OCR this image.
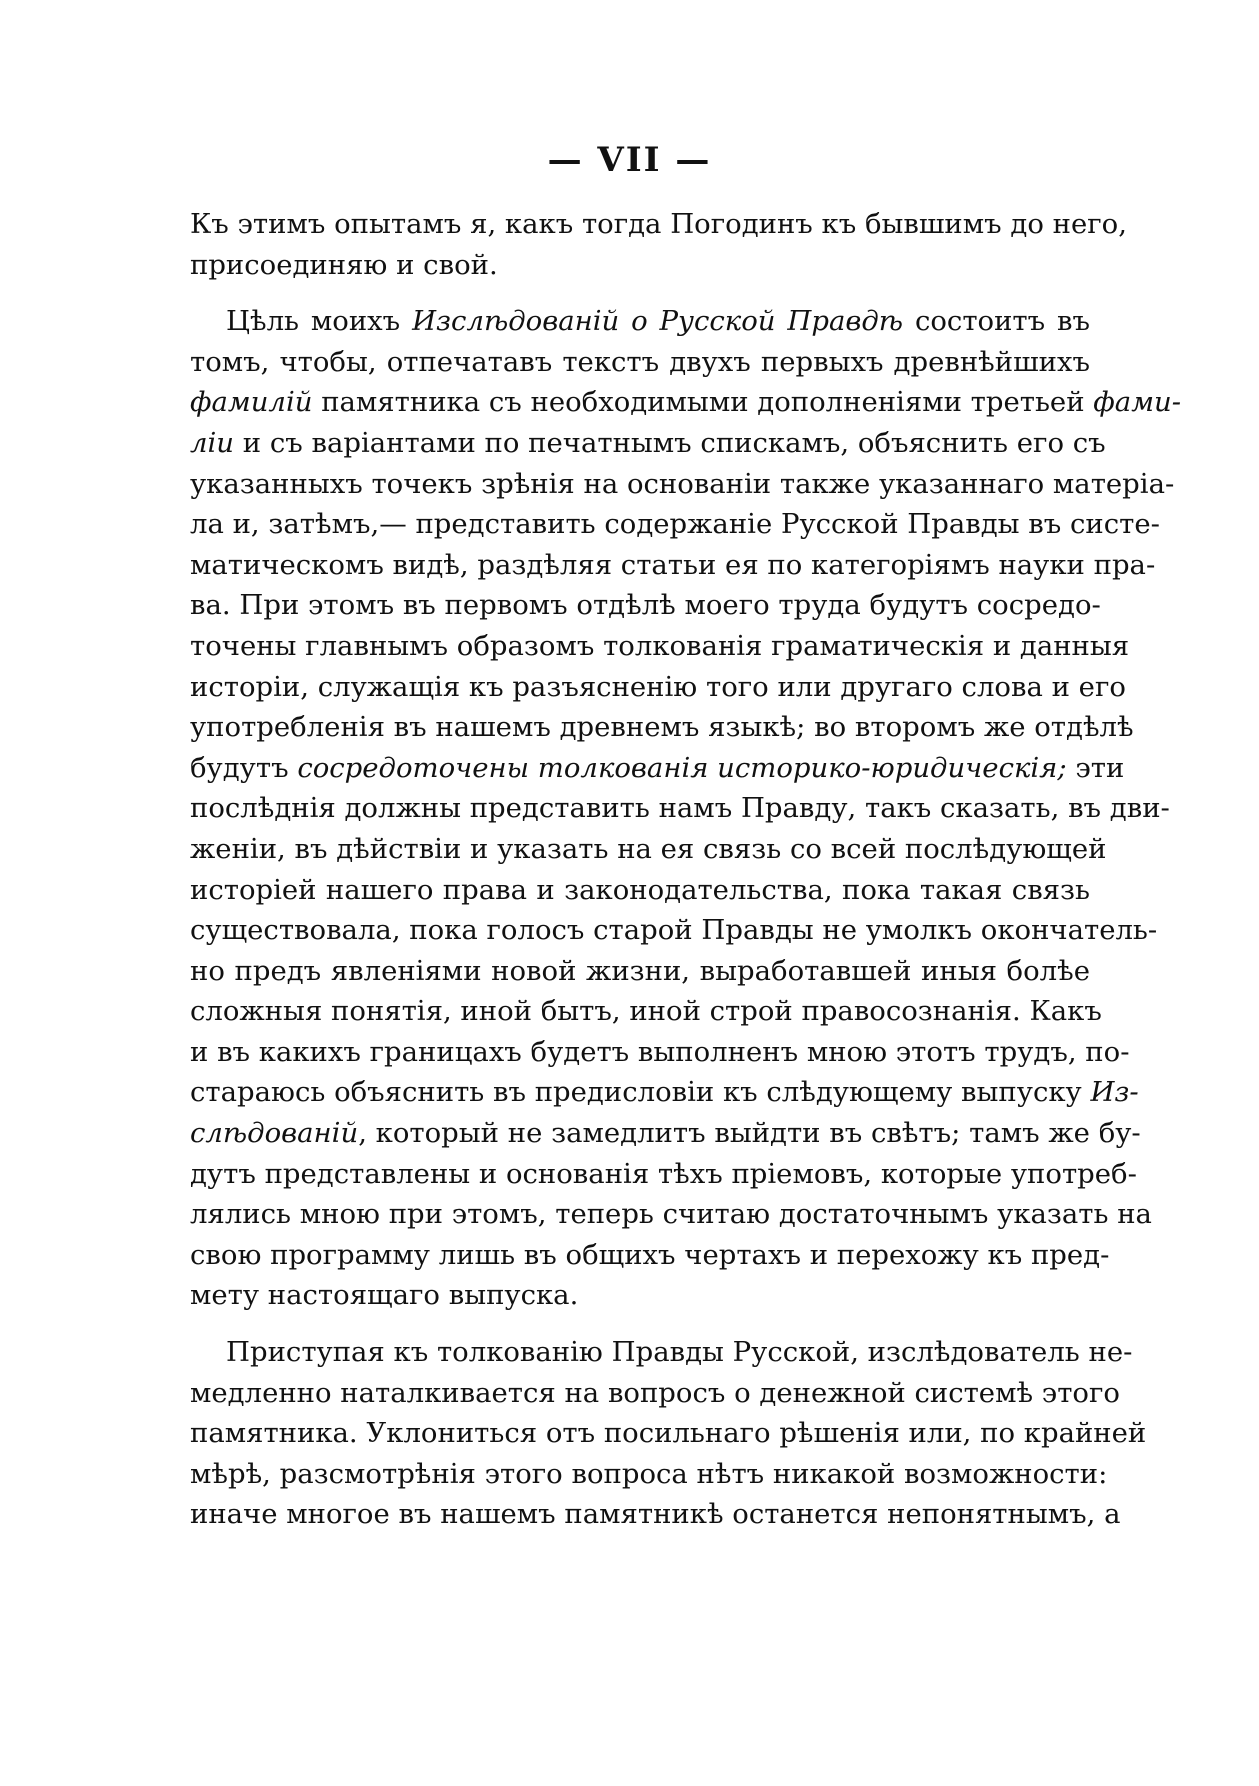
— VII —
Къ этимъ опытамъ я, какъ тогда Погодинъ къ бывшимъ до него,
присоединяю и свой.
Цѣль моихъ Изслѣдованій о Русской Правдѣ состоитъ въ
томъ, чтобы, отпечатавъ текстъ двухъ первыхъ древнѣйшихъ
фамилій памятника съ необходимыми дополненіями третьей фами-
ліи и съ варіантами по печатнымъ спискамъ, объяснить его съ
указанныхъ точекъ зрѣнія на основаніи также указаннаго матеріа-
ла и, затѣмъ,— представить содержаніе Русской Правды въ систе-
матическомъ видѣ, раздѣляя статьи ея по категоріямъ науки пра-
ва. При этомъ въ первомъ отдѣлѣ моего труда будутъ сосредо-
точены главнымъ образомъ толкованія граматическія и данныя
исторіи, служащія къ разъясненію того или другаго слова и его
употребленія въ нашемъ древнемъ языкѣ; во второмъ же отдѣлѣ
будутъ сосредоточены толкованія историко-юридическія; эти
послѣднія должны представить намъ Правду, такъ сказать, въ дви-
женіи, въ дѣйствіи и указать на ея связь со всей послѣдующей
исторіей нашего права и законодательства, пока такая связь
существовала, пока голосъ старой Правды не умолкъ окончатель-
но предъ явленіями новой жизни, выработавшей иныя болѣе
сложныя понятія, иной бытъ, иной строй правосознанія. Какъ
и въ какихъ границахъ будетъ выполненъ мною этотъ трудъ, по-
стараюсь объяснить въ предисловіи къ слѣдующему выпуску Из-
слѣдованій, который не замедлитъ выйдти въ свѣтъ; тамъ же бу-
дутъ представлены и основанія тѣхъ пріемовъ, которые употреб-
лялись мною при этомъ, теперь считаю достаточнымъ указать на
свою программу лишь въ общихъ чертахъ и перехожу къ пред-
мету настоящаго выпуска.
Приступая къ толкованію Правды Русской, изслѣдователь не-
медленно наталкивается на вопросъ о денежной системѣ этого
памятника. Уклониться отъ посильнаго рѣшенія или, по крайней
мѣрѣ, разсмотрѣнія этого вопроса нѣтъ никакой возможности:
иначе многое въ нашемъ памятникѣ останется непонятнымъ, а
